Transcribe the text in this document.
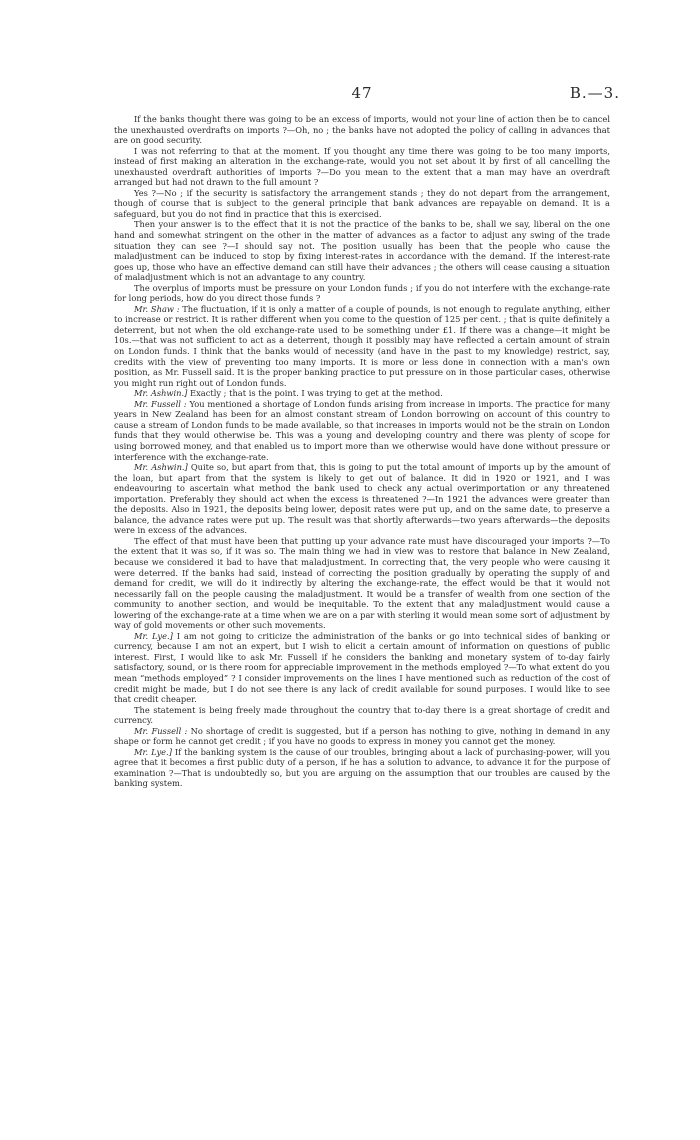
47	B.—3.

If the banks thought there was going to be an excess of imports, would not your line of action then be to cancel the unexhausted overdrafts on imports ?—Oh, no ; the banks have not adopted the policy of calling in advances that are on good security.

I was not referring to that at the moment. If you thought any time there was going to be too many imports, instead of first making an alteration in the exchange-rate, would you not set about it by first of all cancelling the unexhausted overdraft authorities of imports ?—Do you mean to the extent that a man may have an overdraft arranged but had not drawn to the full amount ?

Yes ?—No ; if the security is satisfactory the arrangement stands ; they do not depart from the arrangement, though of course that is subject to the general principle that bank advances are repayable on demand. It is a safeguard, but you do not find in practice that this is exercised.

Then your answer is to the effect that it is not the practice of the banks to be, shall we say, liberal on the one hand and somewhat stringent on the other in the matter of advances as a factor to adjust any swing of the trade situation they can see ?—I should say not. The position usually has been that the people who cause the maladjustment can be induced to stop by fixing interest-rates in accordance with the demand. If the interest-rate goes up, those who have an effective demand can still have their advances ; the others will cease causing a situation of maladjustment which is not an advantage to any country.

The overplus of imports must be pressure on your London funds ; if you do not interfere with the exchange-rate for long periods, how do you direct those funds ?

Mr. Shaw : The fluctuation, if it is only a matter of a couple of pounds, is not enough to regulate anything, either to increase or restrict. It is rather different when you come to the question of 125 per cent. ; that is quite definitely a deterrent, but not when the old exchange-rate used to be something under £1. If there was a change—it might be 10s.—that was not sufficient to act as a deterrent, though it possibly may have reflected a certain amount of strain on London funds. I think that the banks would of necessity (and have in the past to my knowledge) restrict, say, credits with the view of preventing too many imports. It is more or less done in connection with a man's own position, as Mr. Fussell said. It is the proper banking practice to put pressure on in those particular cases, otherwise you might run right out of London funds.

Mr. Ashwin.] Exactly ; that is the point. I was trying to get at the method.

Mr. Fussell : You mentioned a shortage of London funds arising from increase in imports. The practice for many years in New Zealand has been for an almost constant stream of London borrowing on account of this country to cause a stream of London funds to be made available, so that increases in imports would not be the strain on London funds that they would otherwise be. This was a young and developing country and there was plenty of scope for using borrowed money, and that enabled us to import more than we otherwise would have done without pressure or interference with the exchange-rate.

Mr. Ashwin.] Quite so, but apart from that, this is going to put the total amount of imports up by the amount of the loan, but apart from that the system is likely to get out of balance. It did in 1920 or 1921, and I was endeavouring to ascertain what method the bank used to check any actual overimportation or any threatened importation. Preferably they should act when the excess is threatened ?—In 1921 the advances were greater than the deposits. Also in 1921, the deposits being lower, deposit rates were put up, and on the same date, to preserve a balance, the advance rates were put up. The result was that shortly afterwards—two years afterwards—the deposits were in excess of the advances.

The effect of that must have been that putting up your advance rate must have discouraged your imports ?—To the extent that it was so, if it was so. The main thing we had in view was to restore that balance in New Zealand, because we considered it bad to have that maladjustment. In correcting that, the very people who were causing it were deterred. If the banks had said, instead of correcting the position gradually by operating the supply of and demand for credit, we will do it indirectly by altering the exchange-rate, the effect would be that it would not necessarily fall on the people causing the maladjustment. It would be a transfer of wealth from one section of the community to another section, and would be inequitable. To the extent that any maladjustment would cause a lowering of the exchange-rate at a time when we are on a par with sterling it would mean some sort of adjustment by way of gold movements or other such movements.

Mr. Lye.] I am not going to criticize the administration of the banks or go into technical sides of banking or currency, because I am not an expert, but I wish to elicit a certain amount of information on questions of public interest. First, I would like to ask Mr. Fussell if he considers the banking and monetary system of to-day fairly satisfactory, sound, or is there room for appreciable improvement in the methods employed ?—To what extent do you mean “methods employed” ? I consider improvements on the lines I have mentioned such as reduction of the cost of credit might be made, but I do not see there is any lack of credit available for sound purposes. I would like to see that credit cheaper.

The statement is being freely made throughout the country that to-day there is a great shortage of credit and currency.

Mr. Fussell : No shortage of credit is suggested, but if a person has nothing to give, nothing in demand in any shape or form he cannot get credit ; if you have no goods to express in money you cannot get the money.

Mr. Lye.] If the banking system is the cause of our troubles, bringing about a lack of purchasing-power, will you agree that it becomes a first public duty of a person, if he has a solution to advance, to advance it for the purpose of examination ?—That is undoubtedly so, but you are arguing on the assumption that our troubles are caused by the banking system.
